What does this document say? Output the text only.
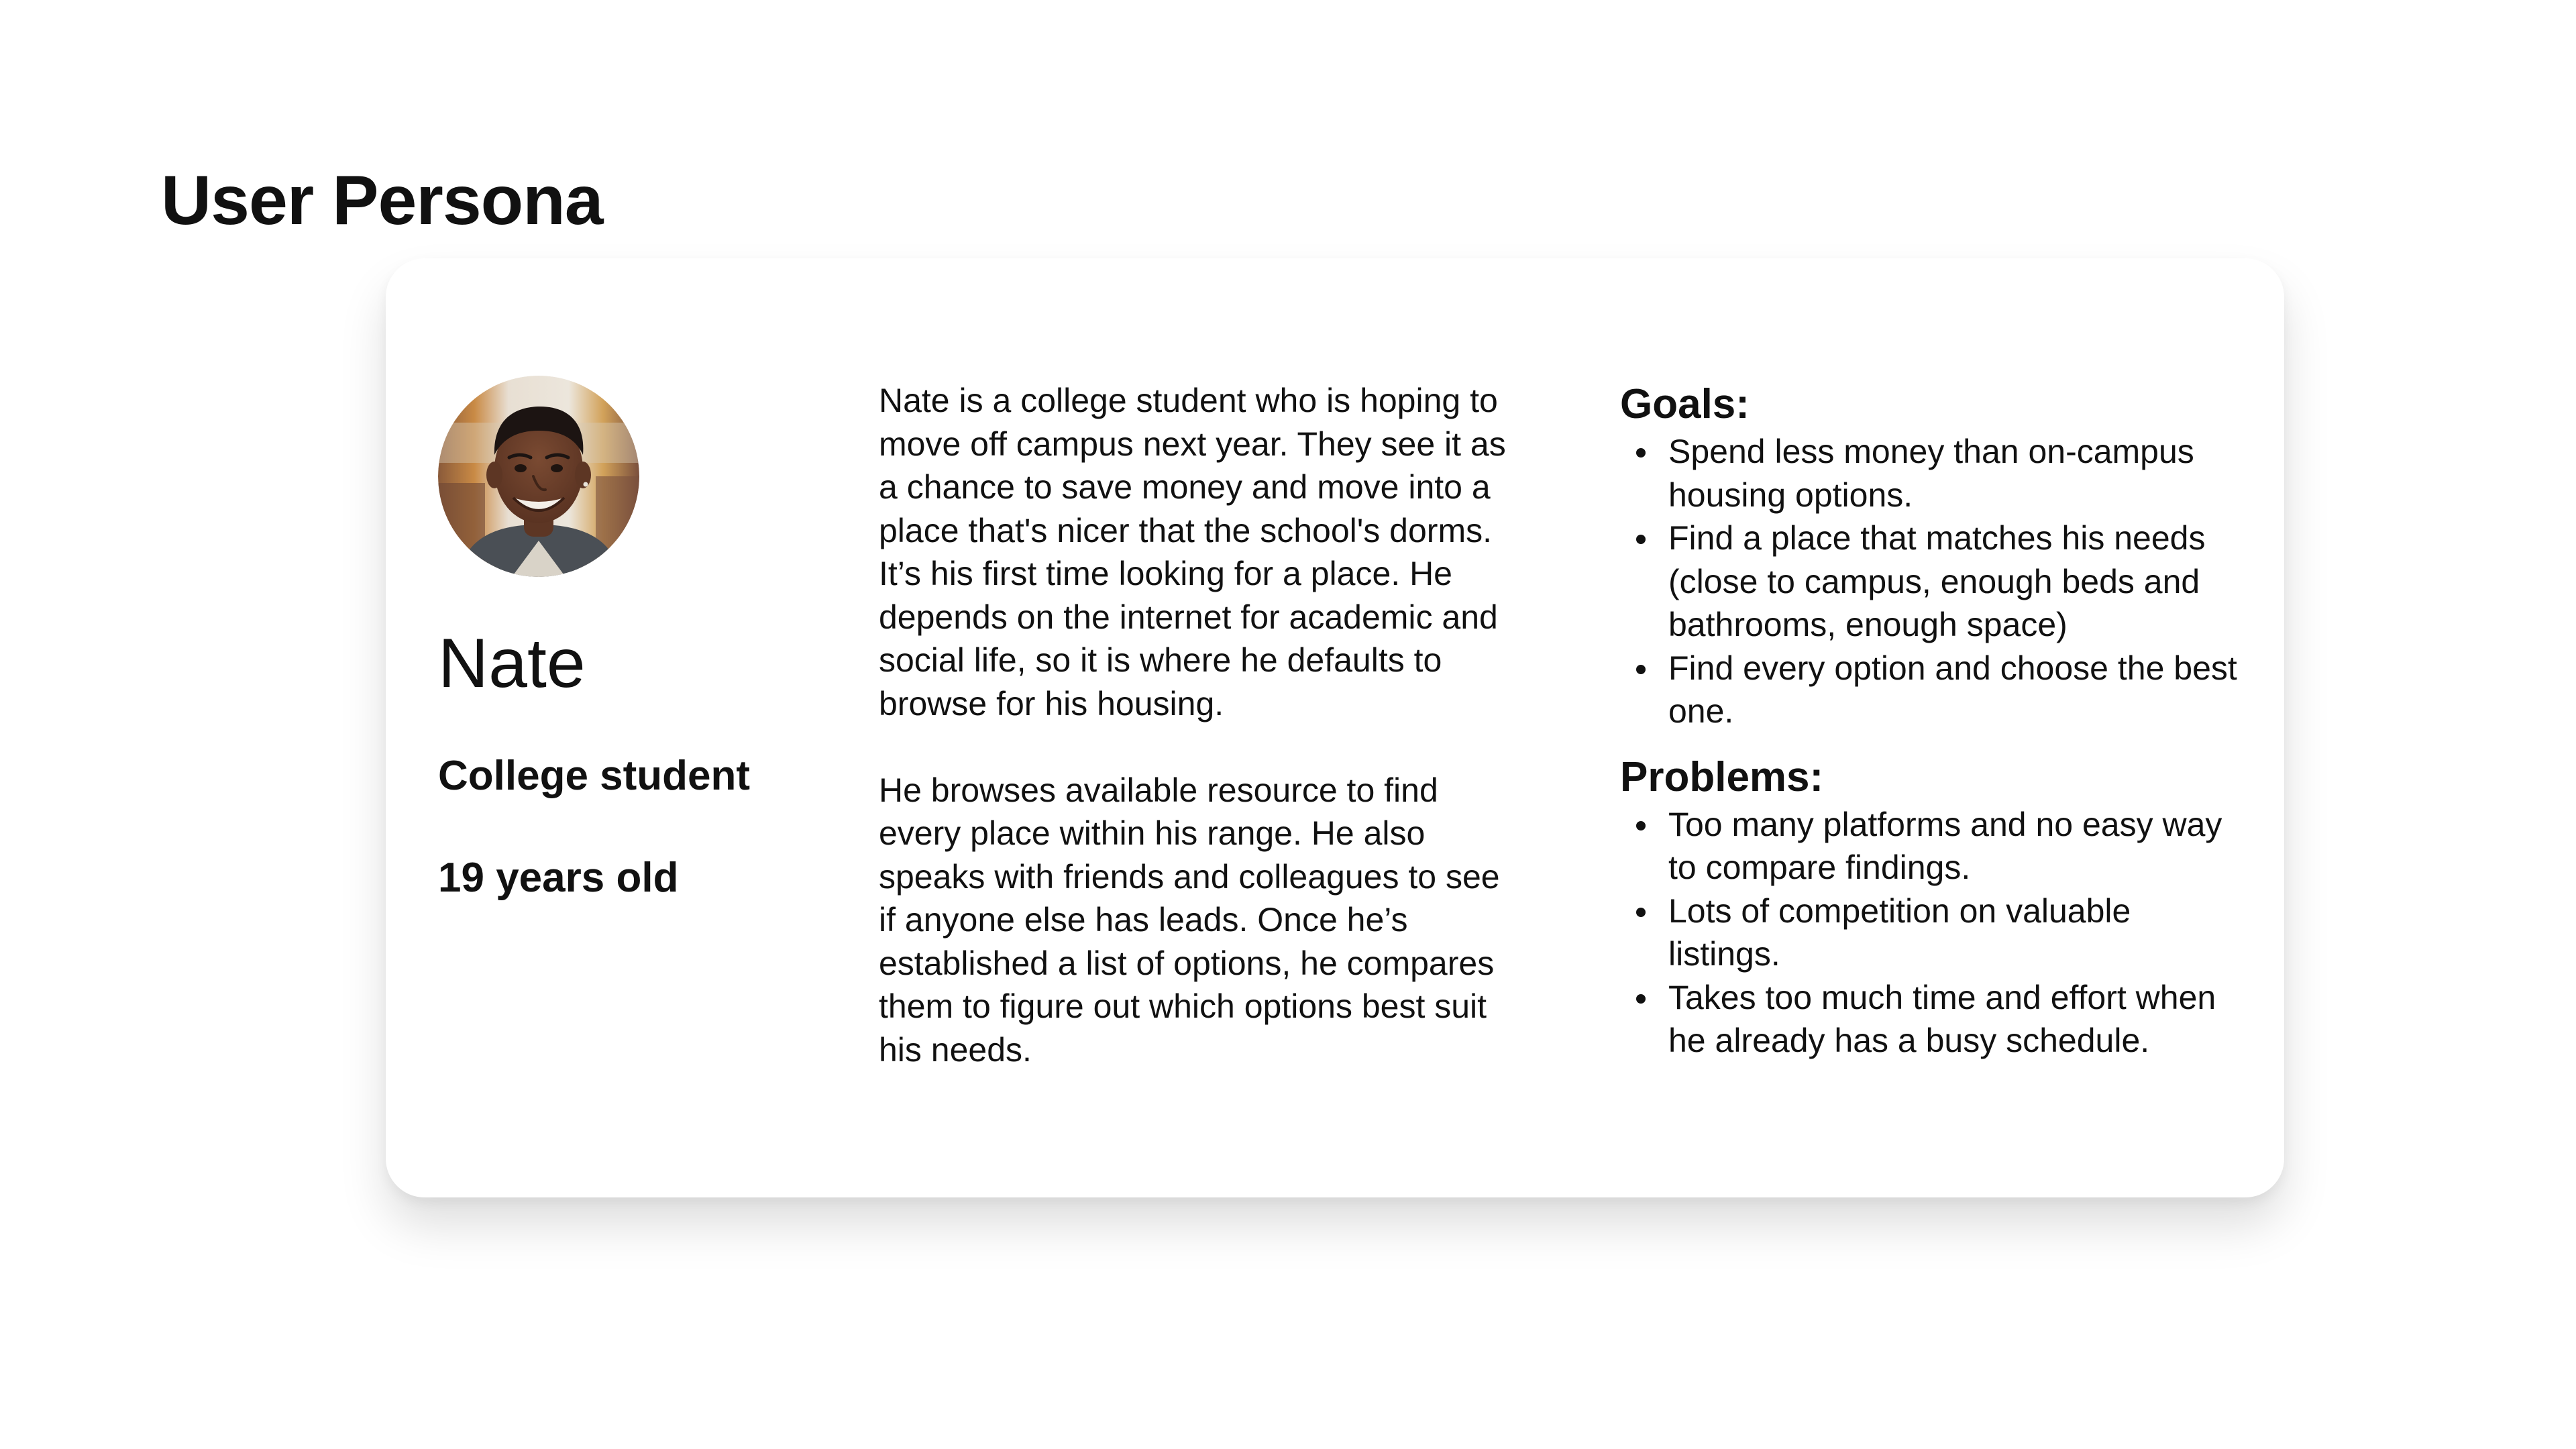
User Persona
Nate
College student
19 years old

Nate is a college student who is hoping to move off campus next year. They see it as a chance to save money and move into a place that's nicer that the school's dorms. It’s his first time looking for a place. He depends on the internet for academic and social life, so it is where he defaults to browse for his housing.

He browses available resource to find every place within his range. He also speaks with friends and colleagues to see if anyone else has leads. Once he’s established a list of options, he compares them to figure out which options best suit his needs.

Goals:
Spend less money than on-campus housing options.
Find a place that matches his needs (close to campus, enough beds and bathrooms, enough space)
Find every option and choose the best one.
Problems:
Too many platforms and no easy way to compare findings.
Lots of competition on valuable listings.
Takes too much time and effort when he already has a busy schedule.
